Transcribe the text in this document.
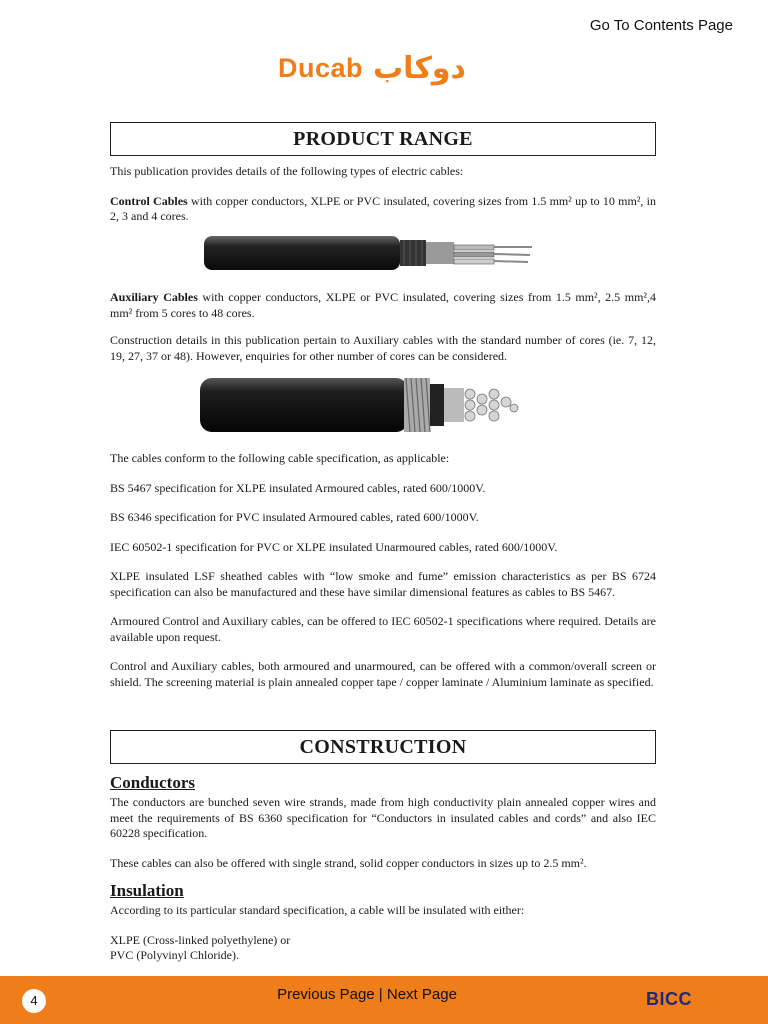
Go To Contents Page
Ducab دوكاب
PRODUCT RANGE

This publication provides details of the following types of electric cables:

Control Cables with copper conductors, XLPE or PVC insulated, covering sizes from 1.5 mm² up to 10 mm², in 2, 3 and 4 cores.

Auxiliary Cables with copper conductors, XLPE or PVC insulated, covering sizes from 1.5 mm², 2.5 mm²,4 mm² from 5 cores to 48 cores.

Construction details in this publication pertain to Auxiliary cables with the standard number of cores (ie. 7, 12, 19, 27, 37 or 48). However, enquiries for other number of cores can be considered.

The cables conform to the following cable specification, as applicable:

BS 5467 specification for XLPE insulated Armoured cables, rated 600/1000V.

BS 6346 specification for PVC insulated Armoured cables, rated 600/1000V.

IEC 60502-1 specification for PVC or XLPE insulated Unarmoured cables, rated 600/1000V.

XLPE insulated LSF sheathed cables with “low smoke and fume” emission characteristics as per BS 6724 specification can also be manufactured and these have similar dimensional features as cables to BS 5467.

Armoured Control and Auxiliary cables, can be offered to IEC 60502-1 specifications where required. Details are available upon request.

Control and Auxiliary cables, both armoured and unarmoured, can be offered with a common/overall screen or shield. The screening material is plain annealed copper tape / copper laminate / Aluminium laminate as specified.

CONSTRUCTION
Conductors

The conductors are bunched seven wire strands, made from high conductivity plain annealed copper wires and meet the requirements of BS 6360 specification for “Conductors in insulated cables and cords” and also IEC 60228 specification.

These cables can also be offered with single strand, solid copper conductors in sizes up to 2.5 mm².

Insulation

According to its particular standard specification, a cable will be insulated with either:

XLPE (Cross-linked polyethylene) or

PVC (Polyvinyl Chloride).

4	Previous Page | Next Page	BICC
